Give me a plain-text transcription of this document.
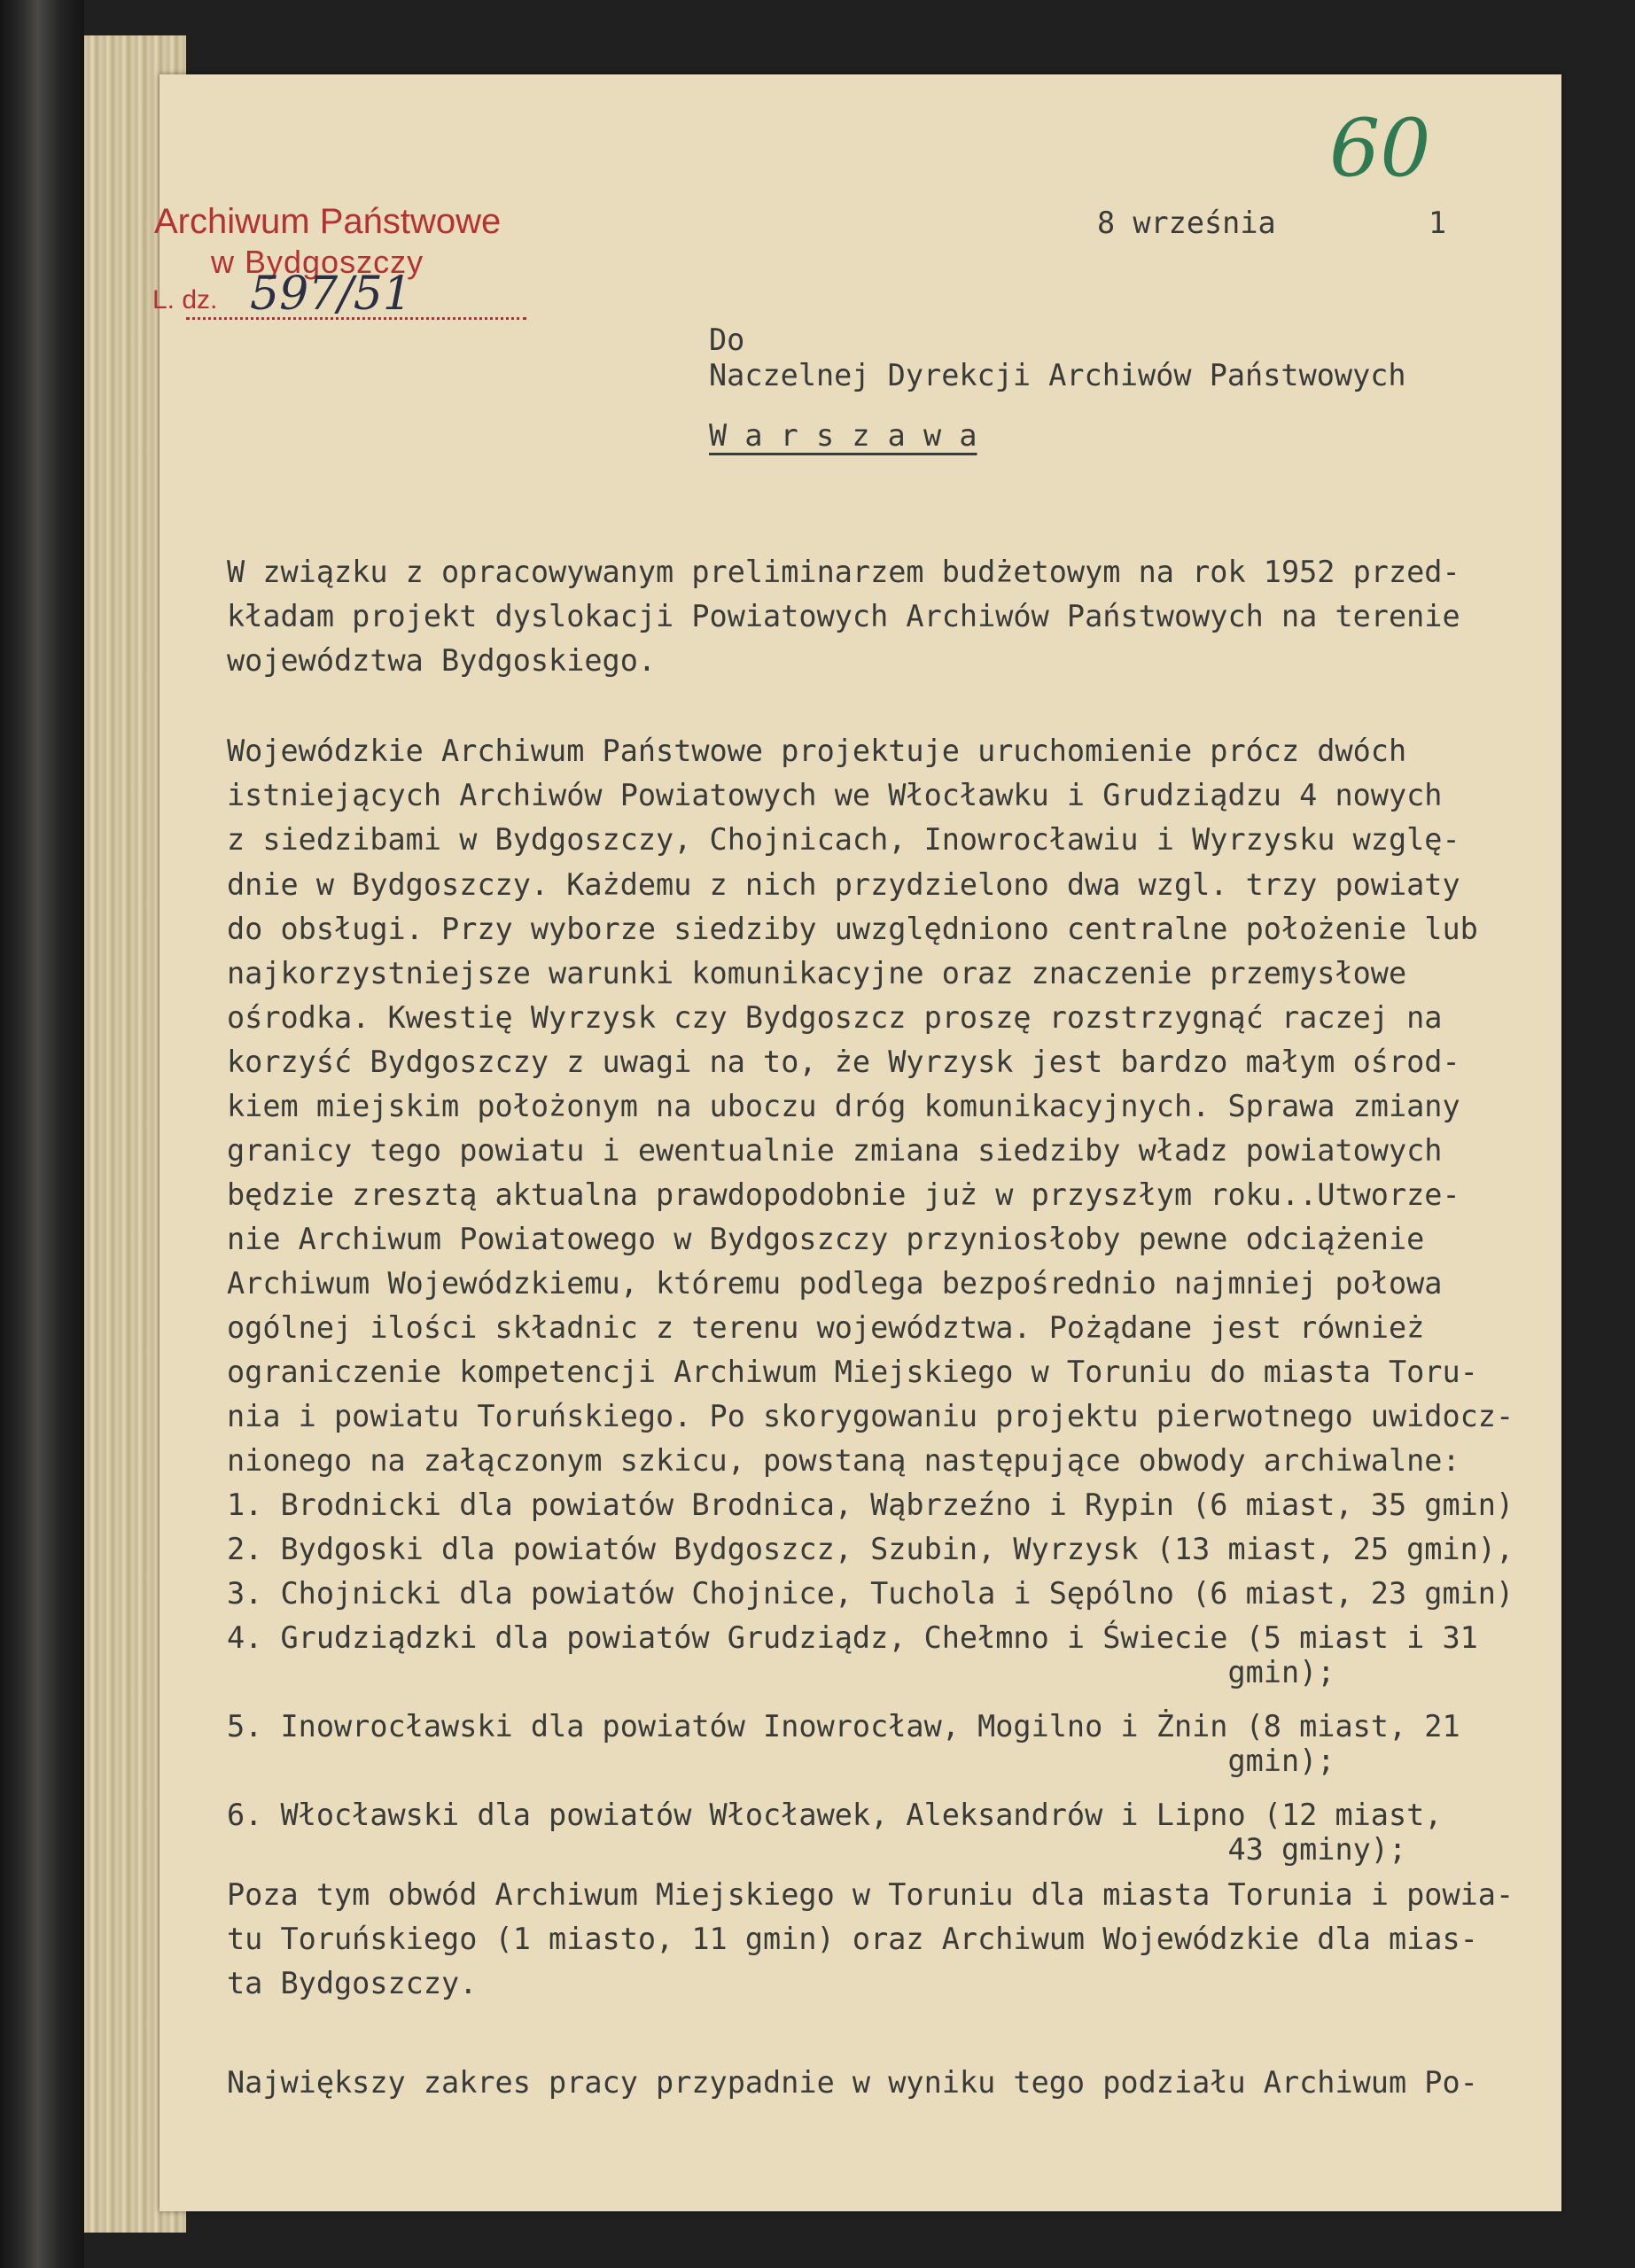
60
Archiwum Państwowe
w Bydgoszczy
L. dz. 597/51
8 września	1
Do
Naczelnej Dyrekcji Archiwów Państwowych
W a r s z a w a
W związku z opracowywanym preliminarzem budżetowym na rok 1952 przed-
kładam projekt dyslokacji Powiatowych Archiwów Państwowych na terenie
województwa Bydgoskiego.
Wojewódzkie Archiwum Państwowe projektuje uruchomienie prócz dwóch
istniejących Archiwów Powiatowych we Włocławku i Grudziądzu 4 nowych
z siedzibami w Bydgoszczy, Chojnicach, Inowrocławiu i Wyrzysku wzglę-
dnie w Bydgoszczy. Każdemu z nich przydzielono dwa wzgl. trzy powiaty
do obsługi. Przy wyborze siedziby uwzględniono centralne położenie lub
najkorzystniejsze warunki komunikacyjne oraz znaczenie przemysłowe
ośrodka. Kwestię Wyrzysk czy Bydgoszcz proszę rozstrzygnąć raczej na
korzyść Bydgoszczy z uwagi na to, że Wyrzysk jest bardzo małym ośrod-
kiem miejskim położonym na uboczu dróg komunikacyjnych. Sprawa zmiany
granicy tego powiatu i ewentualnie zmiana siedziby władz powiatowych
będzie zresztą aktualna prawdopodobnie już w przyszłym roku..Utworze-
nie Archiwum Powiatowego w Bydgoszczy przyniosłoby pewne odciążenie
Archiwum Wojewódzkiemu, któremu podlega bezpośrednio najmniej połowa
ogólnej ilości składnic z terenu województwa. Pożądane jest również
ograniczenie kompetencji Archiwum Miejskiego w Toruniu do miasta Toru-
nia i powiatu Toruńskiego. Po skorygowaniu projektu pierwotnego uwidocz-
nionego na załączonym szkicu, powstaną następujące obwody archiwalne:
1. Brodnicki dla powiatów Brodnica, Wąbrzeźno i Rypin (6 miast, 35 gmin)
2. Bydgoski dla powiatów Bydgoszcz, Szubin, Wyrzysk (13 miast, 25 gmin),
3. Chojnicki dla powiatów Chojnice, Tuchola i Sępólno (6 miast, 23 gmin)
4. Grudziądzki dla powiatów Grudziądz, Chełmno i Świecie (5 miast i 31
gmin);
5. Inowrocławski dla powiatów Inowrocław, Mogilno i Żnin (8 miast, 21
gmin);
6. Włocławski dla powiatów Włocławek, Aleksandrów i Lipno (12 miast,
43 gminy);
Poza tym obwód Archiwum Miejskiego w Toruniu dla miasta Torunia i powia-
tu Toruńskiego (1 miasto, 11 gmin) oraz Archiwum Wojewódzkie dla mias-
ta Bydgoszczy.
Największy zakres pracy przypadnie w wyniku tego podziału Archiwum Po-
